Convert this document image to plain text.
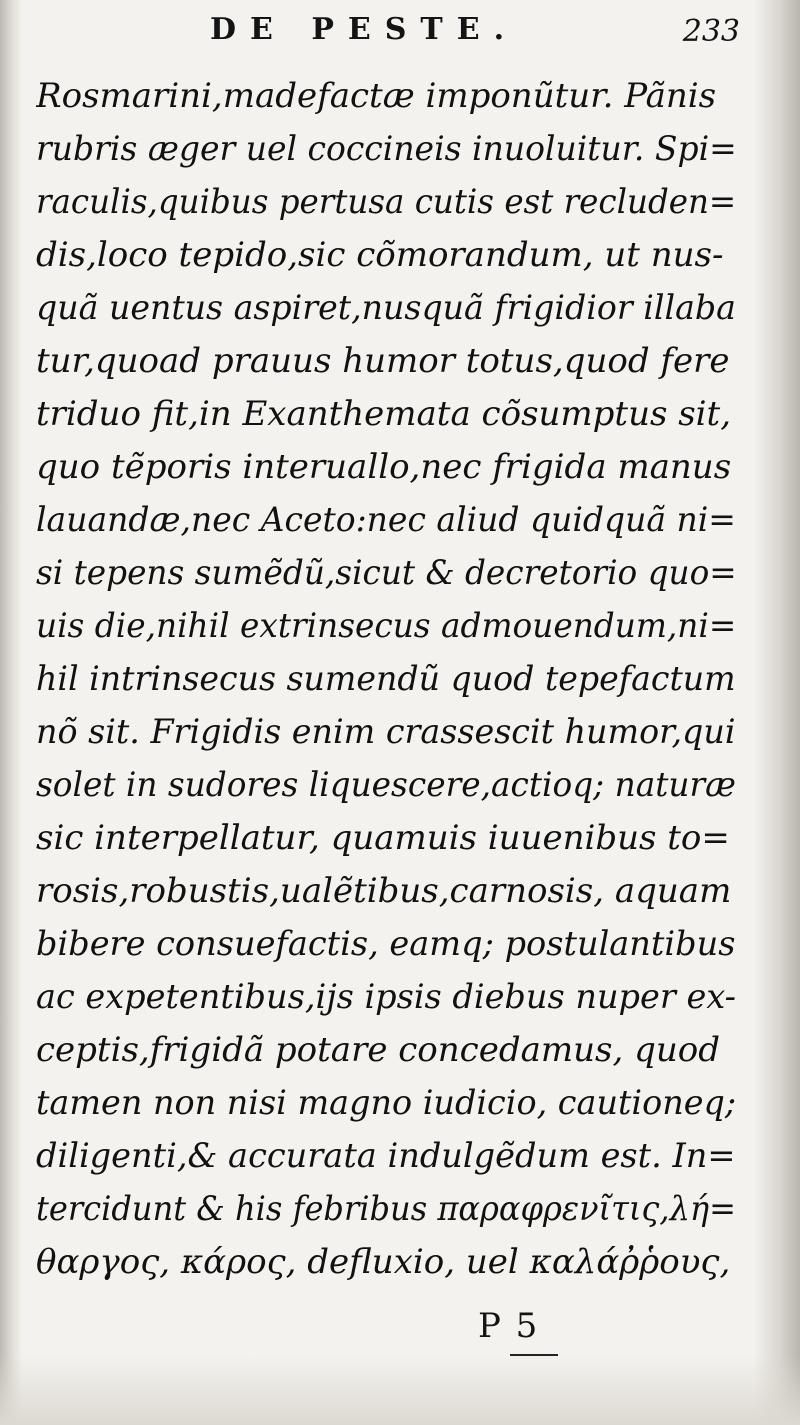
DE PESTE.	233
Rosmarini,madefactæ imponũtur. Pãnis
rubris æger uel coccineis inuoluitur. Spi=
raculis,quibus pertusa cutis est recluden=
dis,loco tepido,sic cõmorandum, ut nus-
quã uentus aspiret,nusquã frigidior illaba
tur,quoad prauus humor totus,quod fere
triduo fit,in Exanthemata cõsumptus sit,
quo tẽporis interuallo,nec frigida manus
lauandæ,nec Aceto:nec aliud quidquã ni=
si tepens sumẽdũ,sicut & decretorio quo=
uis die,nihil extrinsecus admouendum,ni=
hil intrinsecus sumendũ quod tepefactum
nõ sit. Frigidis enim crassescit humor,qui
solet in sudores liquescere,actioq; naturæ
sic interpellatur, quamuis iuuenibus to=
rosis,robustis,ualẽtibus,carnosis, aquam
bibere consuefactis, eamq; postulantibus
ac expetentibus,ijs ipsis diebus nuper ex-
ceptis,frigidã potare concedamus, quod
tamen non nisi magno iudicio, cautioneq;
diligenti,& accurata indulgẽdum est. In=
tercidunt & his febribus παραφρενῖτις,λή=
θαργος, κάρος, defluxio, uel καλάῤῥους,
P 5
